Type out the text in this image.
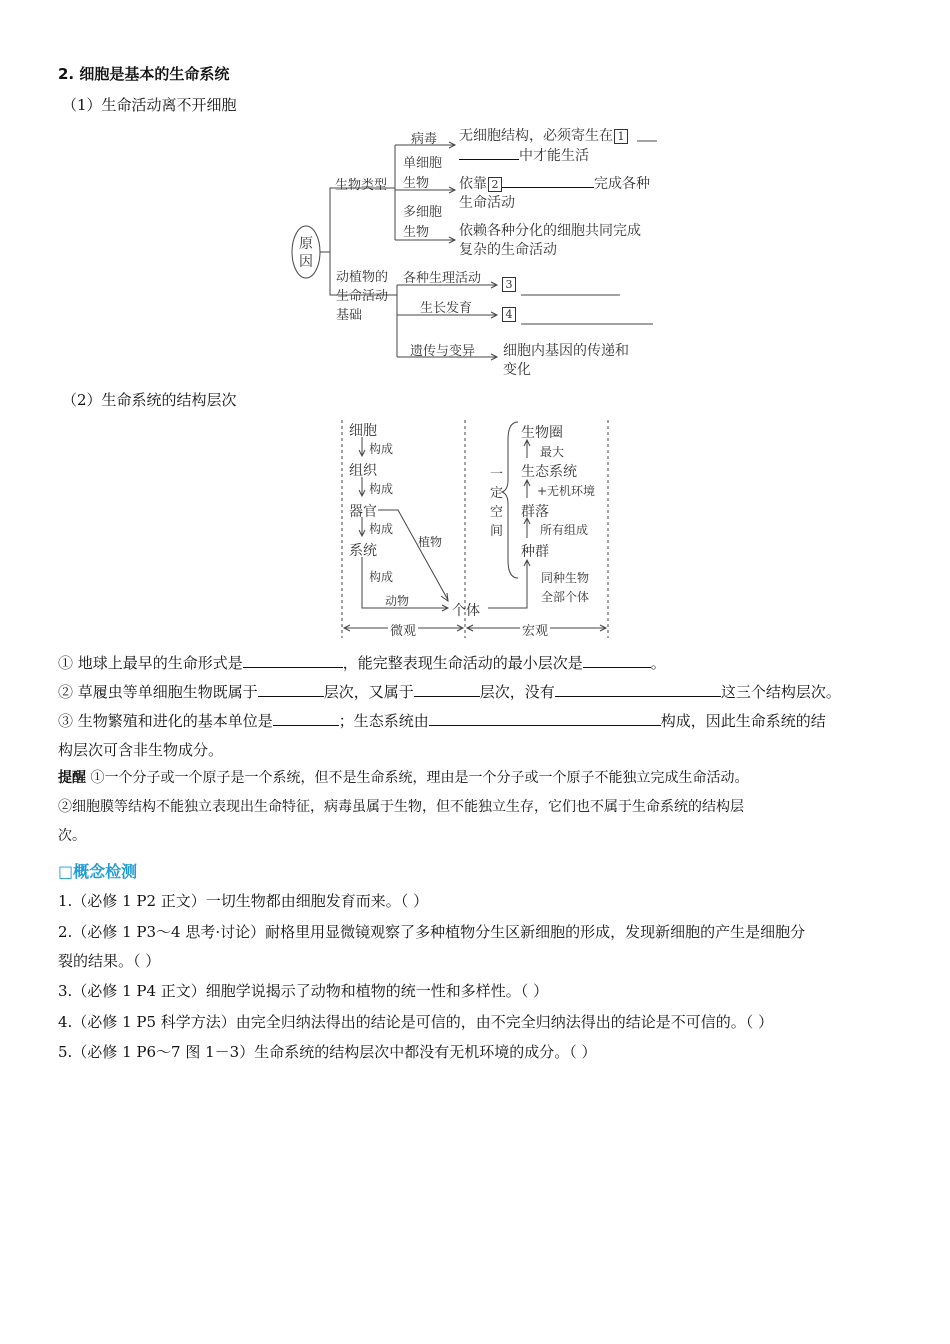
2. 细胞是基本的生命系统
（1）生命活动离不开细胞
原
因
生物类型
病毒
单细胞
生物
多细胞
生物
无细胞结构，必须寄生在 1
中才能生活
依靠 2	完成各种
生命活动
依赖各种分化的细胞共同完成
复杂的生命活动
动植物的
生命活动
基础
各种生理活动
生长发育
遗传与变异
3
4
细胞内基因的传递和
变化
（2）生命系统的结构层次
细胞
构成
组织
构成
器官
构成
系统
植物
构成
动物
个体
生物圈
最大
生态系统
+无机环境
群落
所有组成
种群
同种生物
全部个体
一
定
空
间
微观	宏观
① 地球上最早的生命形式是	，能完整表现生命活动的最小层次是	。
② 草履虫等单细胞生物既属于	层次，又属于	层次，没有	这三个结构层次。
③ 生物繁殖和进化的基本单位是	；生态系统由	构成，因此生命系统的结
构层次可含非生物成分。
提醒 ①一个分子或一个原子是一个系统，但不是生命系统，理由是一个分子或一个原子不能独立完成生命活动。
②细胞膜等结构不能独立表现出生命特征，病毒虽属于生物，但不能独立生存，它们也不属于生命系统的结构层
次。
□概念检测
1.（必修 1 P2 正文）一切生物都由细胞发育而来。（ ）
2.（必修 1 P3～4 思考·讨论）耐格里用显微镜观察了多种植物分生区新细胞的形成，发现新细胞的产生是细胞分
裂的结果。（ ）
3.（必修 1 P4 正文）细胞学说揭示了动物和植物的统一性和多样性。（ ）
4.（必修 1 P5 科学方法）由完全归纳法得出的结论是可信的，由不完全归纳法得出的结论是不可信的。（ ）
5.（必修 1 P6～7 图 1－3）生命系统的结构层次中都没有无机环境的成分。（ ）
